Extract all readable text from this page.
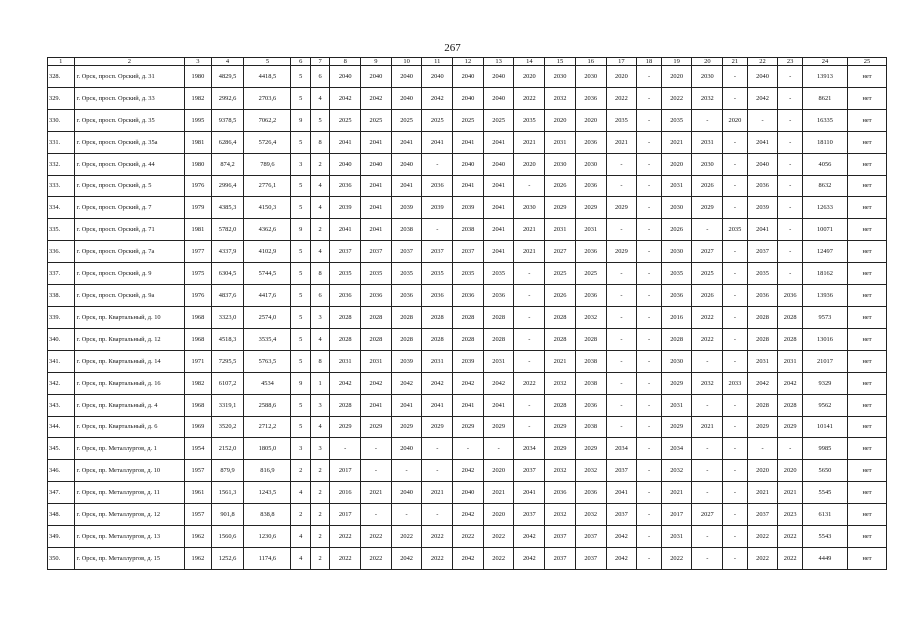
267
1	2	3	4	5	6	7	8	9	10	11	12	13	14	15	16	17	18	19	20	21	22	23	24	25
328.	г. Орск, просп. Орский, д. 31	1980	4829,5	4418,5	5	6	2040	2040	2040	2040	2040	2040	2020	2030	2030	2020	-	2020	2030	-	2040	-	13913	нет
329.	г. Орск, просп. Орский, д. 33	1982	2992,6	2703,6	5	4	2042	2042	2040	2042	2040	2040	2022	2032	2036	2022	-	2022	2032	-	2042	-	8621	нет
330.	г. Орск, просп. Орский, д. 35	1995	9378,5	7062,2	9	5	2025	2025	2025	2025	2025	2025	2035	2020	2020	2035	-	2035	-	2020	-	-	16335	нет
331.	г. Орск, просп. Орский, д. 35а	1981	6286,4	5726,4	5	8	2041	2041	2041	2041	2041	2041	2021	2031	2036	2021	-	2021	2031	-	2041	-	18110	нет
332.	г. Орск, просп. Орский, д. 44	1980	874,2	789,6	3	2	2040	2040	2040	-	2040	2040	2020	2030	2030	-	-	2020	2030	-	2040	-	4056	нет
333.	г. Орск, просп. Орский, д. 5	1976	2996,4	2776,1	5	4	2036	2041	2041	2036	2041	2041	-	2026	2036	-	-	2031	2026	-	2036	-	8632	нет
334.	г. Орск, просп. Орский, д. 7	1979	4385,3	4150,3	5	4	2039	2041	2039	2039	2039	2041	2030	2029	2029	2029	-	2030	2029	-	2039	-	12633	нет
335.	г. Орск, просп. Орский, д. 71	1981	5782,0	4362,6	9	2	2041	2041	2038	-	2038	2041	2021	2031	2031	-	-	2026	-	2035	2041	-	10071	нет
336.	г. Орск, просп. Орский, д. 7а	1977	4337,9	4102,9	5	4	2037	2037	2037	2037	2037	2041	2021	2027	2036	2029	-	2030	2027	-	2037	-	12497	нет
337.	г. Орск, просп. Орский, д. 9	1975	6304,5	5744,5	5	8	2035	2035	2035	2035	2035	2035	-	2025	2025	-	-	2035	2025	-	2035	-	18162	нет
338.	г. Орск, просп. Орский, д. 9а	1976	4837,6	4417,6	5	6	2036	2036	2036	2036	2036	2036	-	2026	2036	-	-	2036	2026	-	2036	2036	13936	нет
339.	г. Орск, пр. Квартальный, д. 10	1968	3323,0	2574,0	5	3	2028	2028	2028	2028	2028	2028	-	2028	2032	-	-	2016	2022	-	2028	2028	9573	нет
340.	г. Орск, пр. Квартальный, д. 12	1968	4518,3	3535,4	5	4	2028	2028	2028	2028	2028	2028	-	2028	2028	-	-	2028	2022	-	2028	2028	13016	нет
341.	г. Орск, пр. Квартальный, д. 14	1971	7295,5	5763,5	5	8	2031	2031	2039	2031	2039	2031	-	2021	2038	-	-	2030	-	-	2031	2031	21017	нет
342.	г. Орск, пр. Квартальный, д. 16	1982	6107,2	4534	9	1	2042	2042	2042	2042	2042	2042	2022	2032	2038	-	-	2029	2032	2033	2042	2042	9329	нет
343.	г. Орск, пр. Квартальный, д. 4	1968	3319,1	2588,6	5	3	2028	2041	2041	2041	2041	2041	-	2028	2036	-	-	2031	-	-	2028	2028	9562	нет
344.	г. Орск, пр. Квартальный, д. 6	1969	3520,2	2712,2	5	4	2029	2029	2029	2029	2029	2029	-	2029	2038	-	-	2029	2021	-	2029	2029	10141	нет
345.	г. Орск, пр. Металлургов, д. 1	1954	2152,0	1805,0	3	3	-	-	2040	-	-	-	2034	2029	2029	2034	-	2034	-	-	-	-	9985	нет
346.	г. Орск, пр. Металлургов, д. 10	1957	879,9	816,9	2	2	2017	-	-	-	2042	2020	2037	2032	2032	2037	-	2032	-	-	2020	2020	5650	нет
347.	г. Орск, пр. Металлургов, д. 11	1961	1561,3	1243,5	4	2	2016	2021	2040	2021	2040	2021	2041	2036	2036	2041	-	2021	-	-	2021	2021	5545	нет
348.	г. Орск, пр. Металлургов, д. 12	1957	901,8	838,8	2	2	2017	-	-	-	2042	2020	2037	2032	2032	2037	-	2017	2027	-	2037	2023	6131	нет
349.	г. Орск, пр. Металлургов, д. 13	1962	1560,6	1230,6	4	2	2022	2022	2022	2022	2022	2022	2042	2037	2037	2042	-	2031	-	-	2022	2022	5543	нет
350.	г. Орск, пр. Металлургов, д. 15	1962	1252,6	1174,6	4	2	2022	2022	2042	2022	2042	2022	2042	2037	2037	2042	-	2022	-	-	2022	2022	4449	нет
